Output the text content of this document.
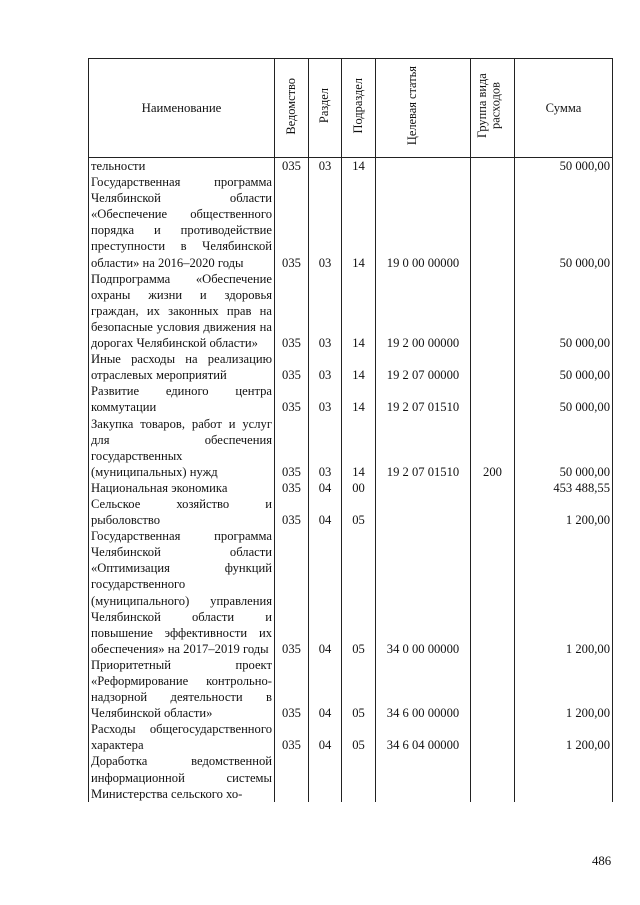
Наименование	Ведомство	Раздел	Подраздел	Целевая статья	Группа вида расходов	Сумма
тельности	035	03	14			50 000,00
Государственная программа Челябинской области «Обеспечение общественного порядка и противодействие преступности в Челябинской области» на 2016–2020 годы	035	03	14	19 0 00 00000		50 000,00
Подпрограмма «Обеспечение охраны жизни и здоровья граждан, их законных прав на безопасные условия движения на дорогах Челябинской области»	035	03	14	19 2 00 00000		50 000,00
Иные расходы на реализацию отраслевых мероприятий	035	03	14	19 2 07 00000		50 000,00
Развитие единого центра коммутации	035	03	14	19 2 07 01510		50 000,00
Закупка товаров, работ и услуг для обеспечения государственных (муниципальных) нужд	035	03	14	19 2 07 01510	200	50 000,00
Национальная экономика	035	04	00			453 488,55
Сельское хозяйство и рыболовство	035	04	05			1 200,00
Государственная программа Челябинской области «Оптимизация функций государственного (муниципального) управления Челябинской области и повышение эффективности их обеспечения» на 2017–2019 годы	035	04	05	34 0 00 00000		1 200,00
Приоритетный проект «Реформирование контрольно-надзорной деятельности в Челябинской области»	035	04	05	34 6 00 00000		1 200,00
Расходы общегосударственного характера	035	04	05	34 6 04 00000		1 200,00
Доработка ведомственной информационной системы Министерства сельского хо-						
486
